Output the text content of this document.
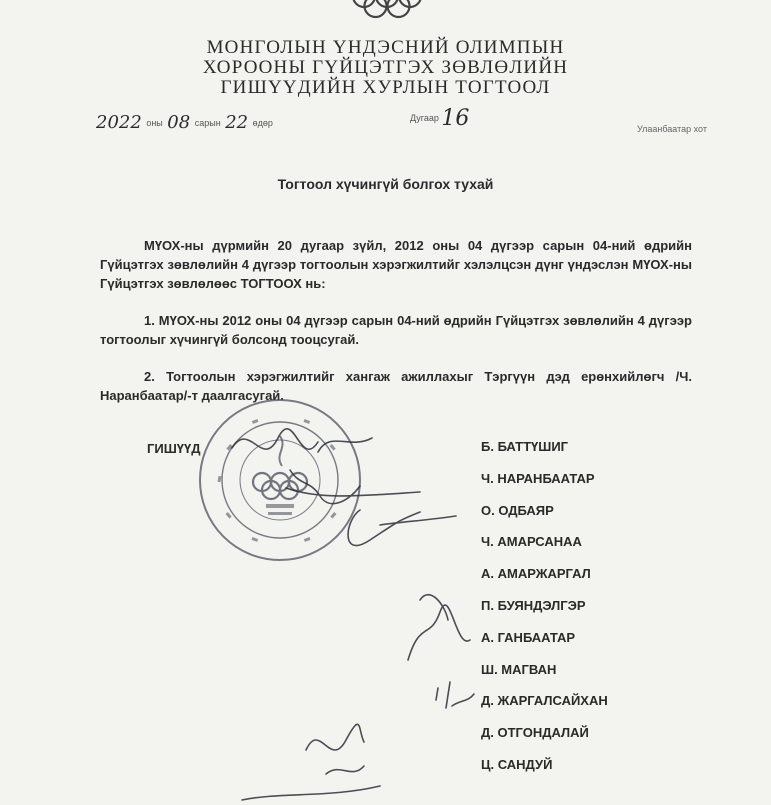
МОНГОЛЫН ҮНДЭСНИЙ ОЛИМПЫН
ХОРООНЫ ГҮЙЦЭТГЭХ ЗӨВЛӨЛИЙН
ГИШҮҮДИЙН ХУРЛЫН ТОГТООЛ
2022 оны 08 сарын 22 өдөр	Дугаар 16	Улаанбаатар хот
Тогтоол хүчингүй болгох тухай
МҮОХ-ны дүрмийн 20 дугаар зүйл, 2012 оны 04 дүгээр сарын 04-ний өдрийн Гүйцэтгэх зөвлөлийн 4 дүгээр тогтоолын хэрэгжилтийг хэлэлцсэн дүнг үндэслэн МҮОХ-ны Гүйцэтгэх зөвлөлөөс ТОГТООХ нь:
1. МҮОХ-ны 2012 оны 04 дүгээр сарын 04-ний өдрийн Гүйцэтгэх зөвлөлийн 4 дүгээр тогтоолыг хүчингүй болсонд тооцсугай.
2. Тогтоолын хэрэгжилтийг хангаж ажиллахыг Тэргүүн дэд ерөнхийлөгч /Ч. Наранбаатар/-т даалгасугай.
ГИШҮҮД	Б. БАТТҮШИГ
Ч. НАРАНБААТАР
О. ОДБАЯР
Ч. АМАРСАНАА
А. АМАРЖАРГАЛ
П. БУЯНДЭЛГЭР
А. ГАНБААТАР
Ш. МАГВАН
Д. ЖАРГАЛСАЙХАН
Д. ОТГОНДАЛАЙ
Ц. САНДУЙ
